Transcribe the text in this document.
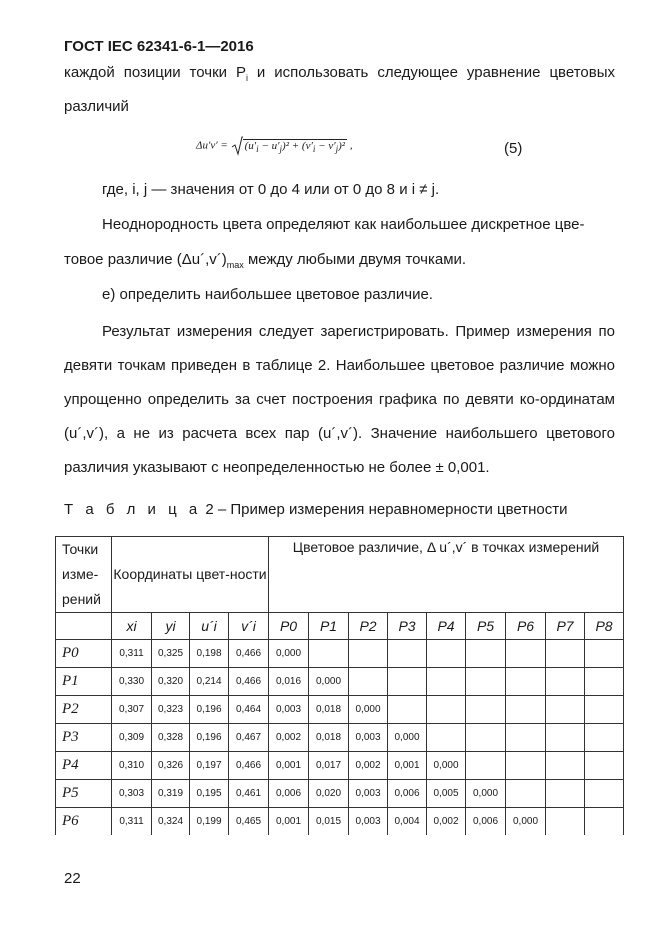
ГОСТ IEC 62341-6-1—2016
каждой позиции точки $P_i$ и использовать следующее уравнение цветовых
различий
$\Delta u'v' = (u'_i - u'_j)^2 + (v'_i - v'_j)^2$ ,	(5)
где, i, j — значения от 0 до 4 или от 0 до 8 и i ≠ j.
Неоднородность цвета определяют как наибольшее дискретное цве-
товое различие $(\Delta u´,v´)_{max}$ между любыми двумя точками.
е) определить наибольшее цветовое различие.
Результат измерения следует зарегистрировать. Пример измерения по девяти точкам приведен в таблице 2. Наибольшее цветовое различие можно упрощенно определить за счет построения графика по девяти ко-ординатам (u´,v´), а не из расчета всех пар (u´,v´). Значение наибольшего цветового различия указывают с неопределенностью не более ± 0,001.
Т а б л и ц а 2 – Пример измерения неравномерности цветности
Точки изме-рений	Координаты цвет-ности				Цветовое различие, Δ u´,v´ в точках измерений								

	xi	yi	u´i	v´i	P0	P1	P2	P3	P4	P5	P6	P7	P8
P0	0,311	0,325	0,198	0,466	0,000								
P1	0,330	0,320	0,214	0,466	0,016	0,000							
P2	0,307	0,323	0,196	0,464	0,003	0,018	0,000						
P3	0,309	0,328	0,196	0,467	0,002	0,018	0,003	0,000					
P4	0,310	0,326	0,197	0,466	0,001	0,017	0,002	0,001	0,000				
P5	0,303	0,319	0,195	0,461	0,006	0,020	0,003	0,006	0,005	0,000			
P6	0,311	0,324	0,199	0,465	0,001	0,015	0,003	0,004	0,002	0,006	0,000		
22
